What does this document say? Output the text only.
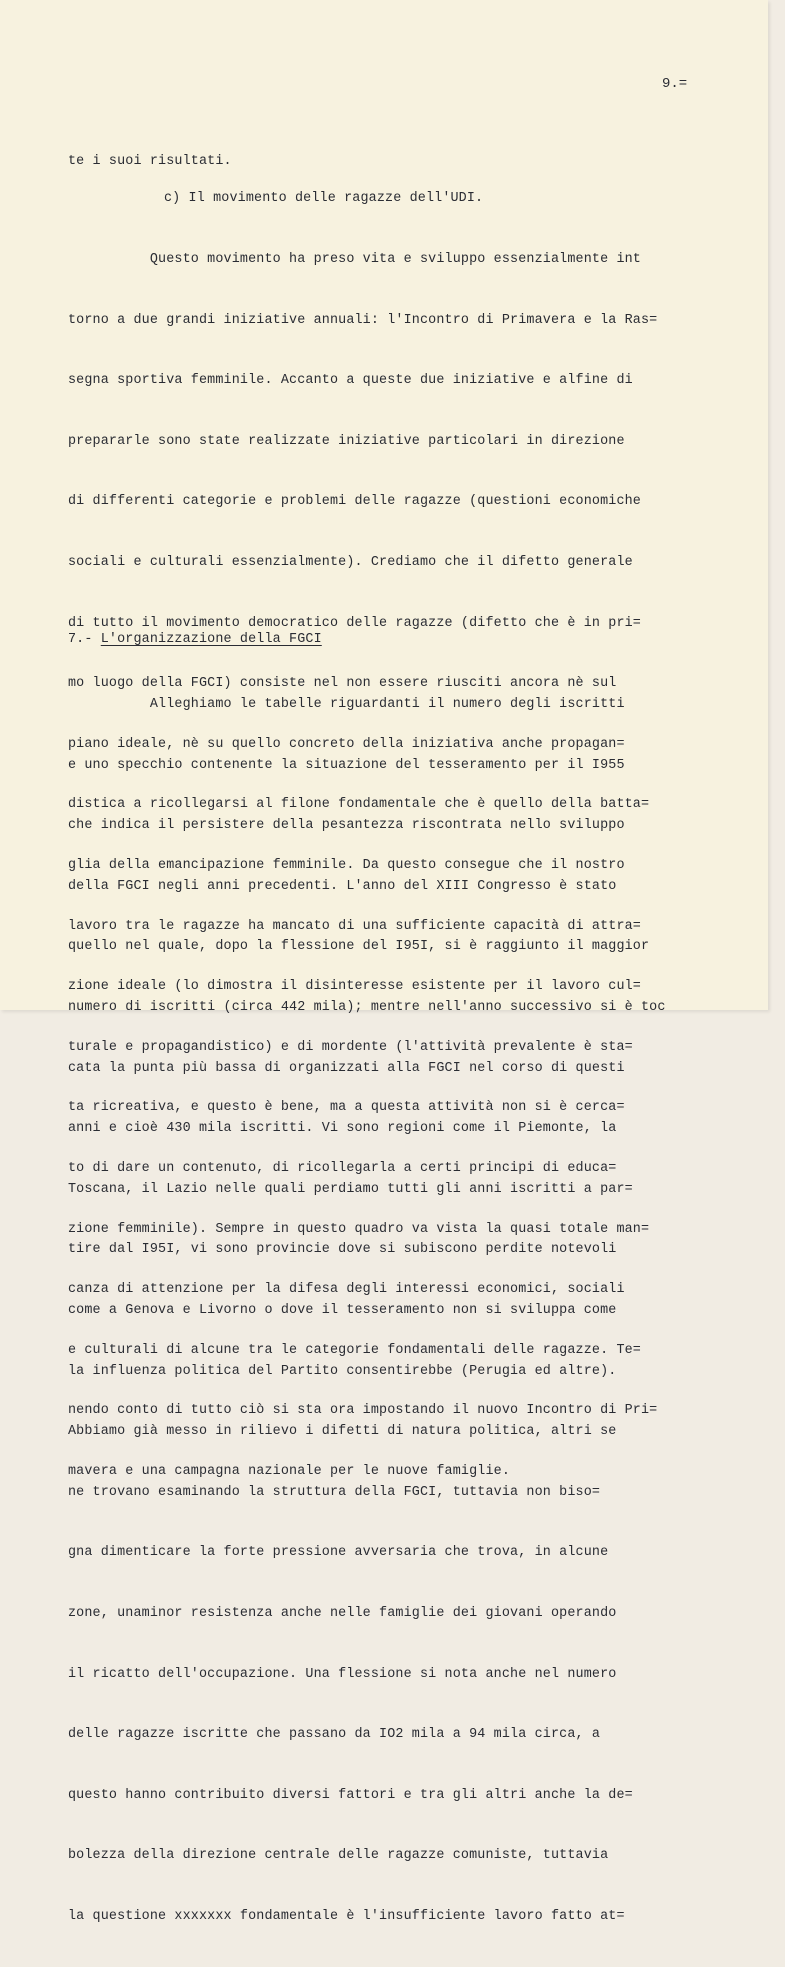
9.=

te i suoi risultati.

c) Il movimento delle ragazze dell'UDI.

Questo movimento ha preso vita e sviluppo essenzialmente int

torno a due grandi iniziative annuali: l'Incontro di Primavera e la Ras=

segna sportiva femminile. Accanto a queste due iniziative e alfine di

prepararle sono state realizzate iniziative particolari in direzione

di differenti categorie e problemi delle ragazze (questioni economiche

sociali e culturali essenzialmente). Crediamo che il difetto generale

di tutto il movimento democratico delle ragazze (difetto che è in pri=

mo luogo della FGCI) consiste nel non essere riusciti ancora nè sul

piano ideale, nè su quello concreto della iniziativa anche propagan=

distica a ricollegarsi al filone fondamentale che è quello della batta=

glia della emancipazione femminile. Da questo consegue che il nostro

lavoro tra le ragazze ha mancato di una sufficiente capacità di attra=

zione ideale (lo dimostra il disinteresse esistente per il lavoro cul=

turale e propagandistico) e di mordente (l'attività prevalente è sta=

ta ricreativa, e questo è bene, ma a questa attività non si è cerca=

to di dare un contenuto, di ricollegarla a certi principi di educa=

zione femminile). Sempre in questo quadro va vista la quasi totale man=

canza di attenzione per la difesa degli interessi economici, sociali

e culturali di alcune tra le categorie fondamentali delle ragazze. Te=

nendo conto di tutto ciò si sta ora impostando il nuovo Incontro di Pri=

mavera e una campagna nazionale per le nuove famiglie.

7.- L'organizzazione della FGCI

Alleghiamo le tabelle riguardanti il numero degli iscritti

e uno specchio contenente la situazione del tesseramento per il I955

che indica il persistere della pesantezza riscontrata nello sviluppo

della FGCI negli anni precedenti. L'anno del XIII Congresso è stato

quello nel quale, dopo la flessione del I95I, si è raggiunto il maggior

numero di iscritti (circa 442 mila); mentre nell'anno successivo si è toc

cata la punta più bassa di organizzati alla FGCI nel corso di questi

anni e cioè 430 mila iscritti. Vi sono regioni come il Piemonte, la

Toscana, il Lazio nelle quali perdiamo tutti gli anni iscritti a par=

tire dal I95I, vi sono provincie dove si subiscono perdite notevoli

come a Genova e Livorno o dove il tesseramento non si sviluppa come

la influenza politica del Partito consentirebbe (Perugia ed altre).

Abbiamo già messo in rilievo i difetti di natura politica, altri se

ne trovano esaminando la struttura della FGCI, tuttavia non biso=

gna dimenticare la forte pressione avversaria che trova, in alcune

zone, unaminor resistenza anche nelle famiglie dei giovani operando

il ricatto dell'occupazione. Una flessione si nota anche nel numero

delle ragazze iscritte che passano da IO2 mila a 94 mila circa, a

questo hanno contribuito diversi fattori e tra gli altri anche la de=

bolezza della direzione centrale delle ragazze comuniste, tuttavia

la questione xxxxxxx fondamentale è l'insufficiente lavoro fatto at=
